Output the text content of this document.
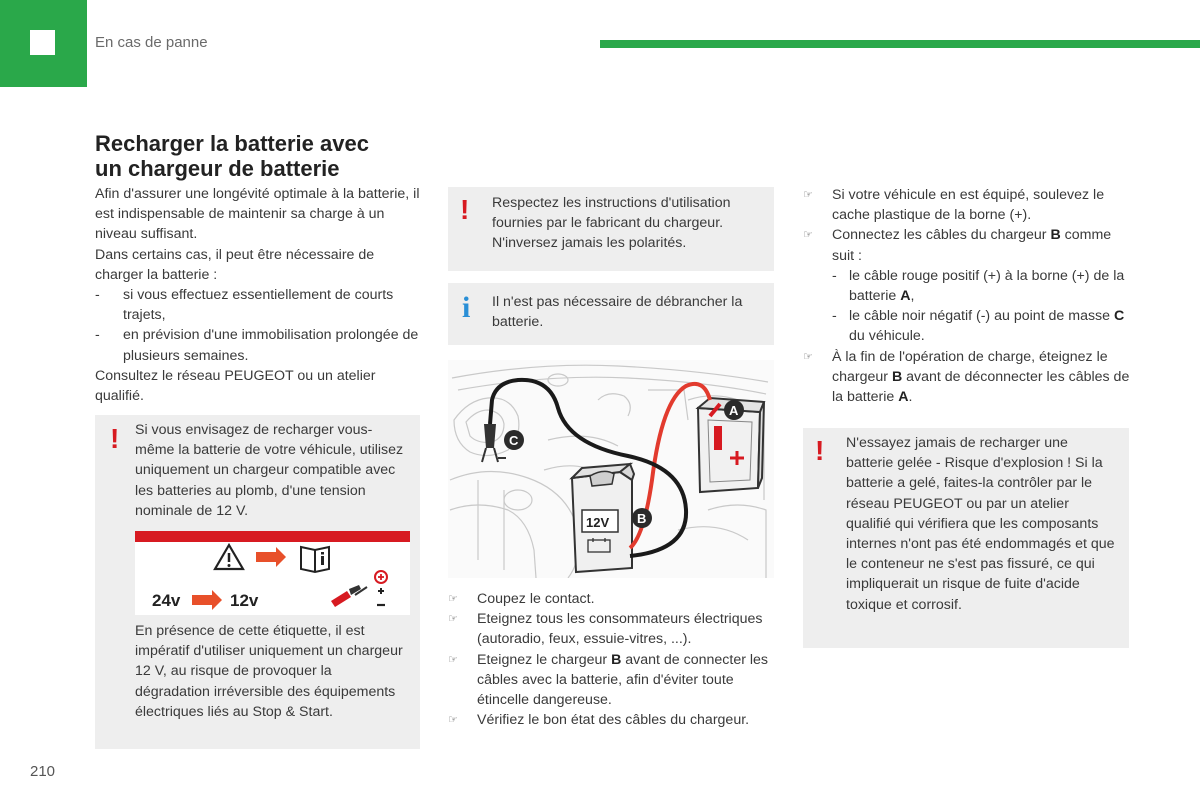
En cas de panne
Recharger la batterie avec
un chargeur de batterie

Afin d'assurer une longévité optimale à la batterie, il est indispensable de maintenir sa charge à un niveau suffisant.

Dans certains cas, il peut être nécessaire de charger la batterie :

- si vous effectuez essentiellement de courts trajets,
- en prévision d'une immobilisation prolongée de plusieurs semaines.

Consultez le réseau PEUGEOT ou un atelier qualifié.

! Si vous envisagez de recharger vous-même la batterie de votre véhicule, utilisez uniquement un chargeur compatible avec les batteries au plomb, d'une tension nominale de 12 V.
24v	12v
En présence de cette étiquette, il est impératif d'utiliser uniquement un chargeur 12 V, au risque de provoquer la dégradation irréversible des équipements électriques liés au Stop & Start.
! Respectez les instructions d'utilisation fournies par le fabricant du chargeur. N'inversez jamais les polarités.
i Il n'est pas nécessaire de débrancher la batterie.
12V
A
B
C
☞ Coupez le contact.
☞ Eteignez tous les consommateurs électriques (autoradio, feux, essuie-vitres, ...).
☞ Eteignez le chargeur B avant de connecter les câbles avec la batterie, afin d'éviter toute étincelle dangereuse.
☞ Vérifiez le bon état des câbles du chargeur.
☞ Si votre véhicule en est équipé, soulevez le cache plastique de la borne (+).
☞ Connectez les câbles du chargeur B comme suit :
- le câble rouge positif (+) à la borne (+) de la batterie A,
- le câble noir négatif (-) au point de masse C du véhicule.
☞ À la fin de l'opération de charge, éteignez le chargeur B avant de déconnecter les câbles de la batterie A.
! N'essayez jamais de recharger une batterie gelée - Risque d'explosion ! Si la batterie a gelé, faites-la contrôler par le réseau PEUGEOT ou par un atelier qualifié qui vérifiera que les composants internes n'ont pas été endommagés et que le conteneur ne s'est pas fissuré, ce qui impliquerait un risque de fuite d'acide toxique et corrosif.
210
